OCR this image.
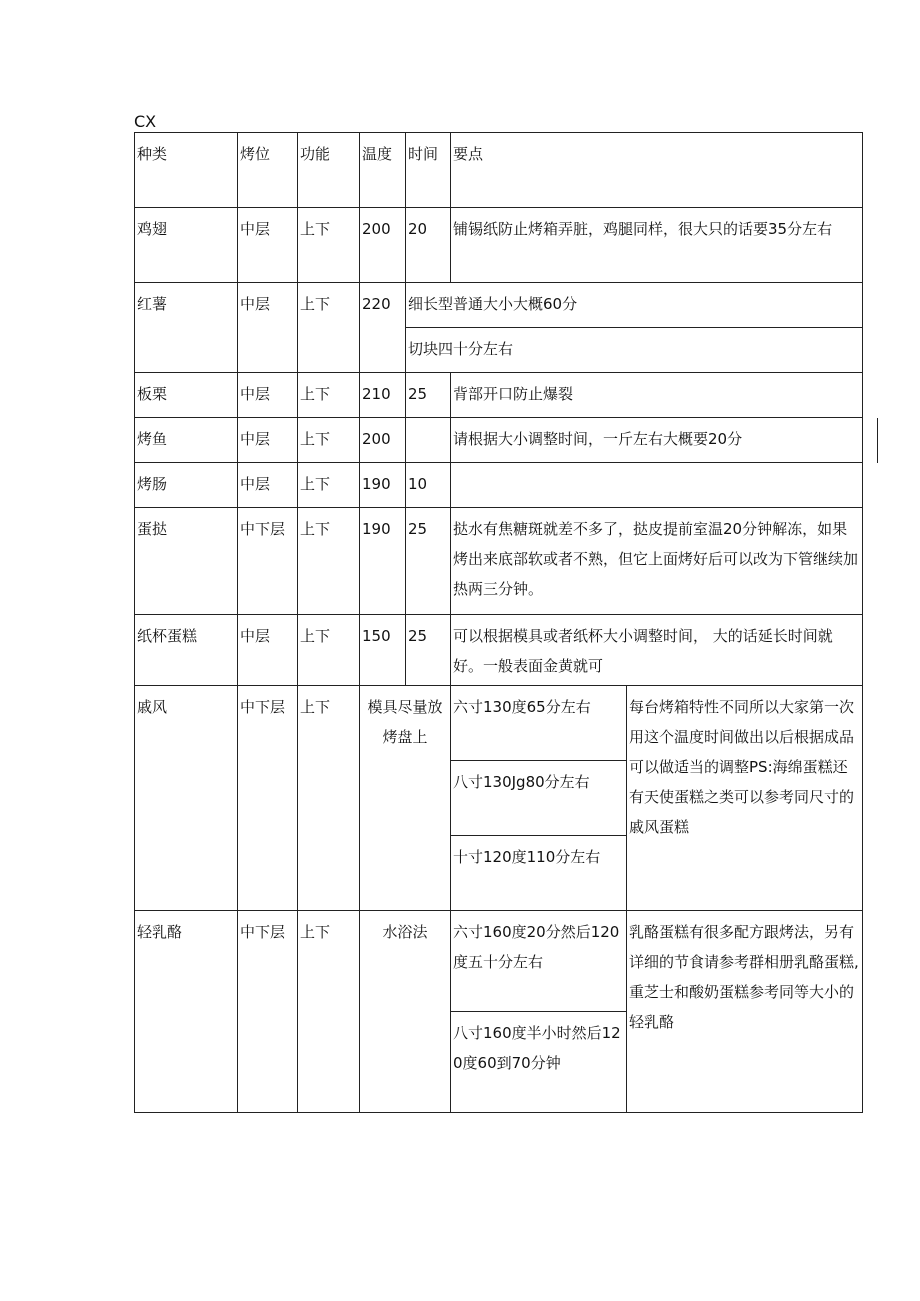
CX
种类	烤位	功能	温度	时间	要点	
鸡翅	中层	上下	200	20	铺锡纸防止烤箱弄脏，鸡腿同样，很大只的话要35分左右	
红薯	中层	上下	220	细长型普通大小大概60分		
				切块四十分左右		
板栗	中层	上下	210	25	背部开口防止爆裂	
烤鱼	中层	上下	200		请根据大小调整时间，一斤左右大概要20分	
烤肠	中层	上下	190	10		
蛋挞	中下层	上下	190	25	挞水有焦糖斑就差不多了，挞皮提前室温20分钟解冻，如果烤出来底部软或者不熟，但它上面烤好后可以改为下管继续加热两三分钟。	
纸杯蛋糕	中层	上下	150	25	可以根据模具或者纸杯大小调整时间， 大的话延长时间就好。一般表面金黄就可	
戚风	中下层	上下	模具尽量放烤盘上		六寸130度65分左右	每台烤箱特性不同所以大家第一次用这个温度时间做出以后根据成品可以做适当的调整PS:海绵蛋糕还有天使蛋糕之类可以参考同尺寸的戚风蛋糕
					八寸130Jg80分左右	
					十寸120度110分左右	
轻乳酪	中下层	上下	水浴法		六寸160度20分然后120度五十分左右	乳酪蛋糕有很多配方跟烤法，另有详细的节食请参考群相册乳酪蛋糕,重芝士和酸奶蛋糕参考同等大小的轻乳酪
					八寸160度半小时然后120度60到70分钟	
